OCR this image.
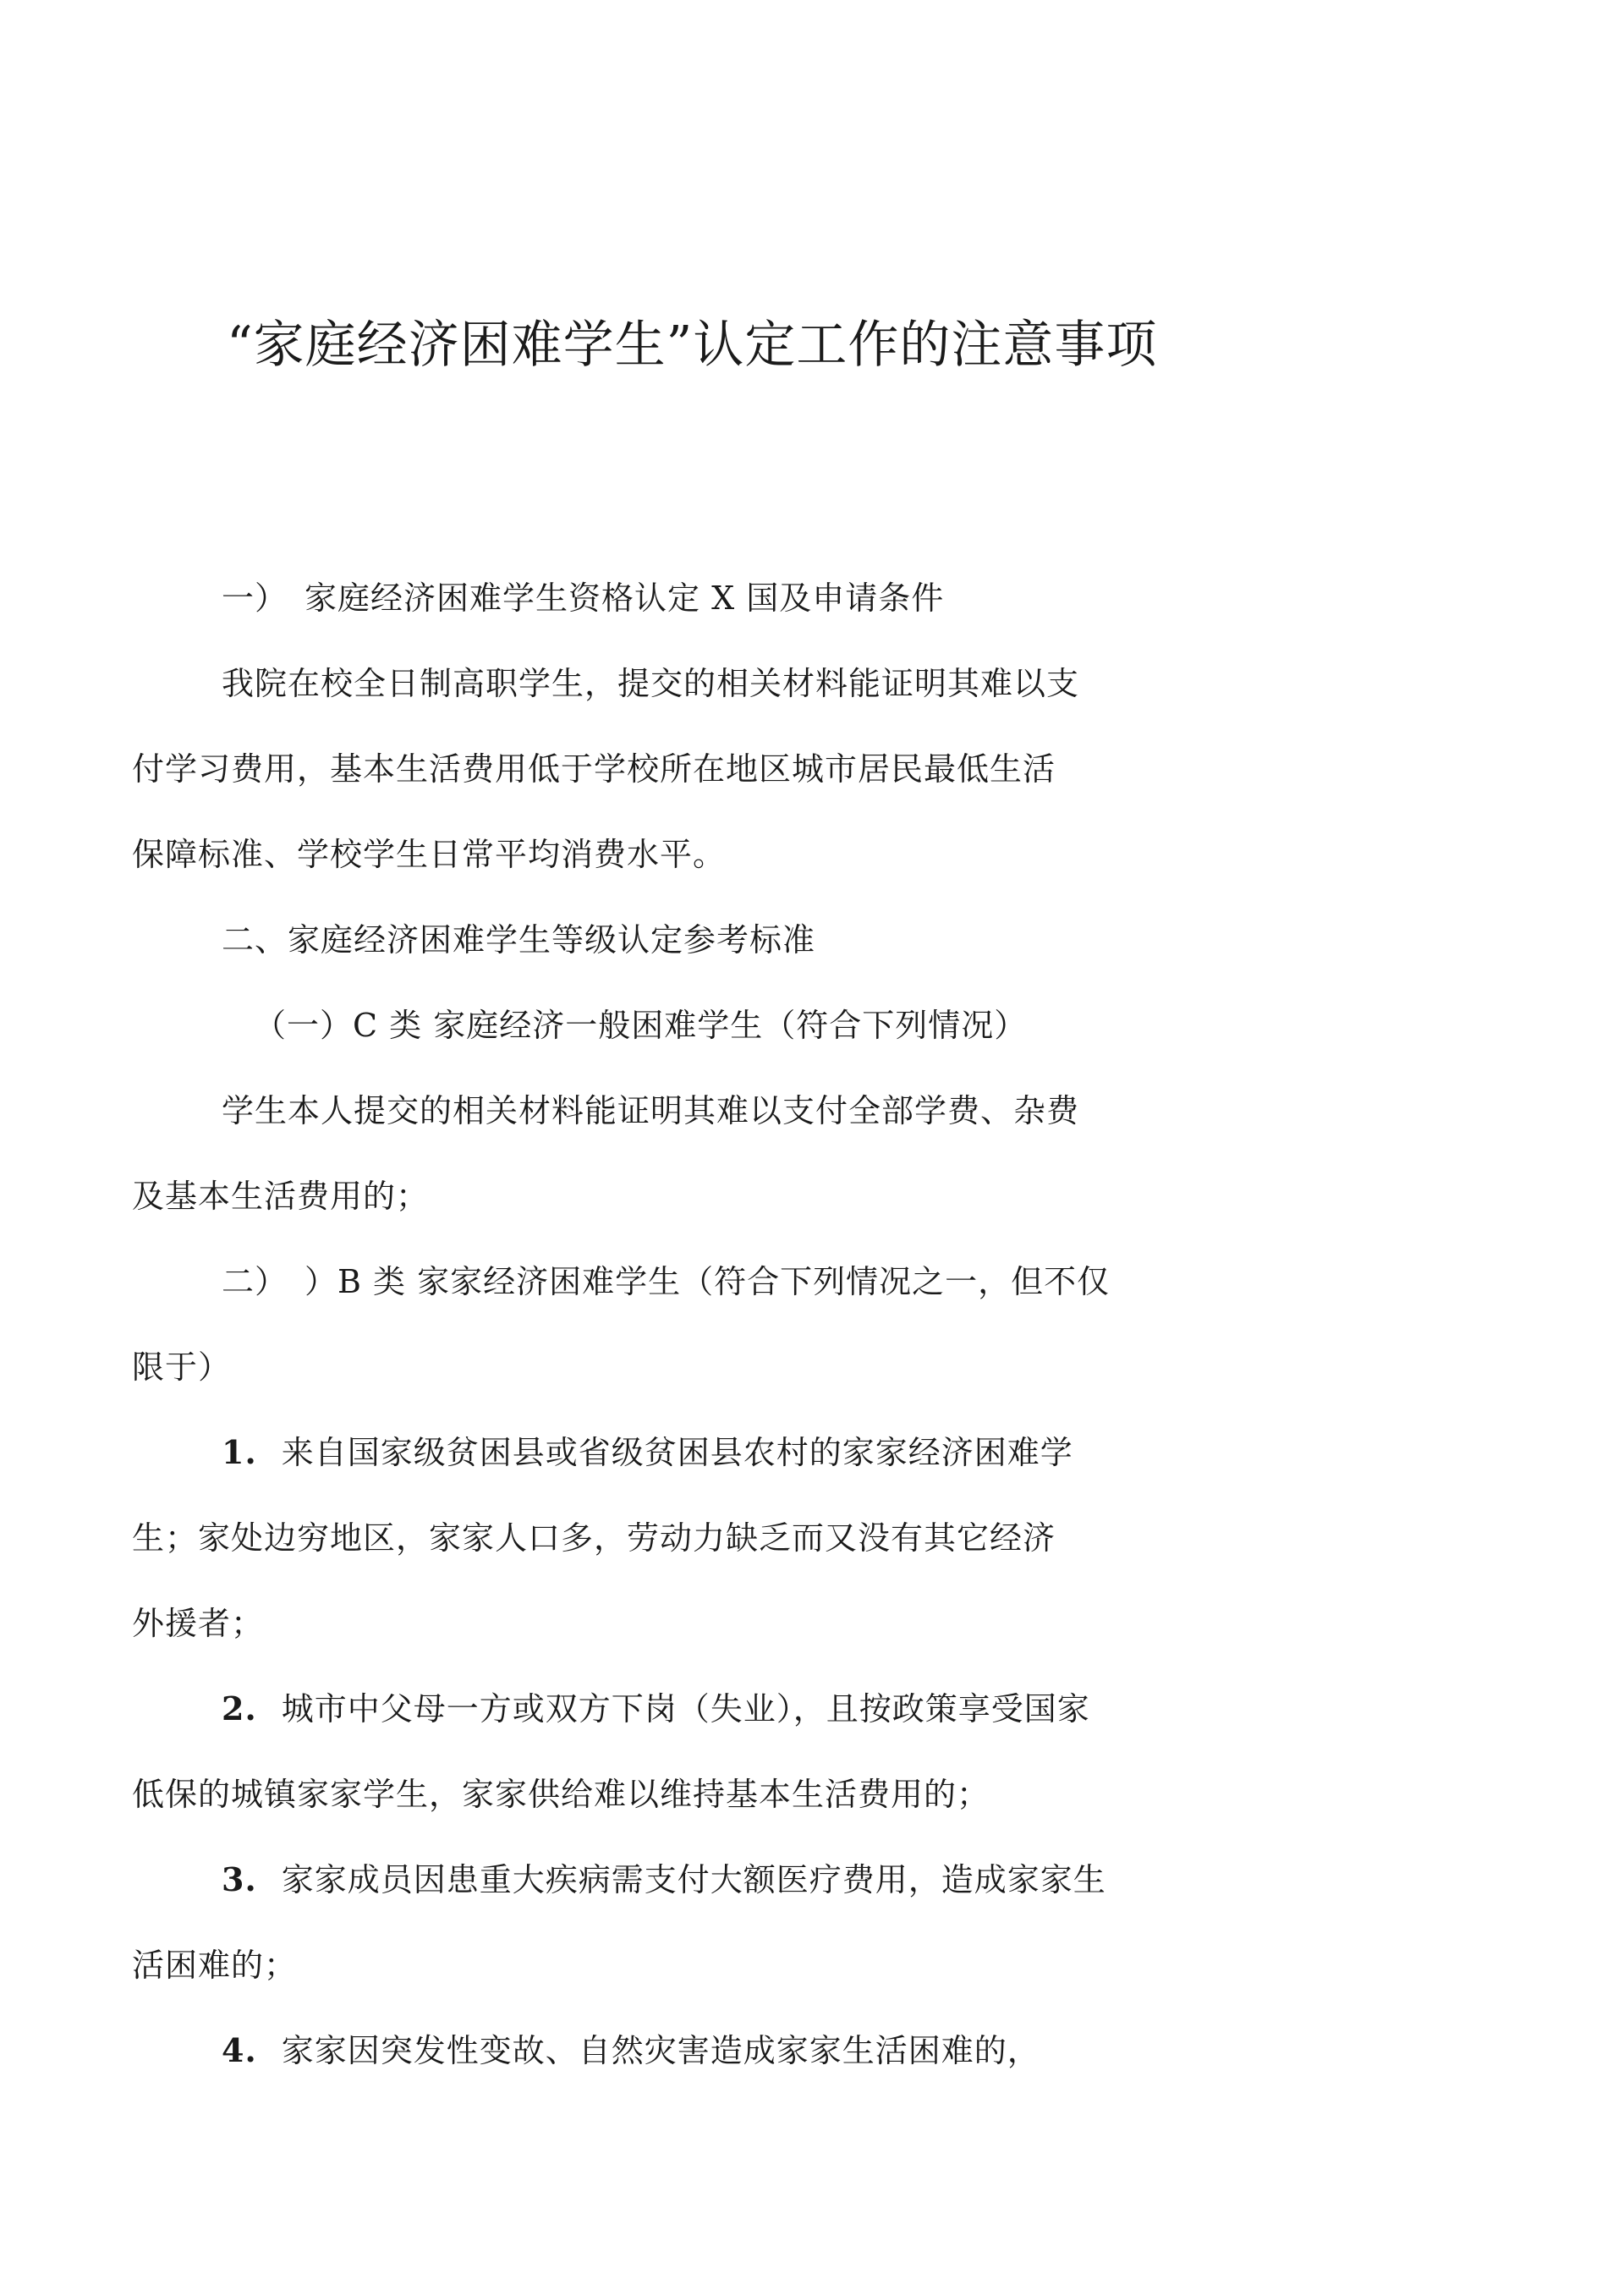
“家庭经济困难学生”认定工作的注意事项

一）　家庭经济困难学生资格认定 X 国及申请条件

我院在校全日制高职学生，提交的相关材料能证明其难以支

付学习费用，基本生活费用低于学校所在地区城市居民最低生活

保障标准、学校学生日常平均消费水平。

二、家庭经济困难学生等级认定参考标准

（一）C 类 家庭经济一般困难学生（符合下列情况）

学生本人提交的相关材料能证明其难以支付全部学费、杂费

及基本生活费用的；

二）　）B 类 家家经济困难学生（符合下列情况之一，但不仅

限于）

1. 来自国家级贫困县或省级贫困县农村的家家经济困难学

生；家处边穷地区，家家人口多，劳动力缺乏而又没有其它经济

外援者；

2. 城市中父母一方或双方下岗（失业），且按政策享受国家

低保的城镇家家学生，家家供给难以维持基本生活费用的；

3. 家家成员因患重大疾病需支付大额医疗费用，造成家家生

活困难的；

4. 家家因突发性变故、自然灾害造成家家生活困难的，
